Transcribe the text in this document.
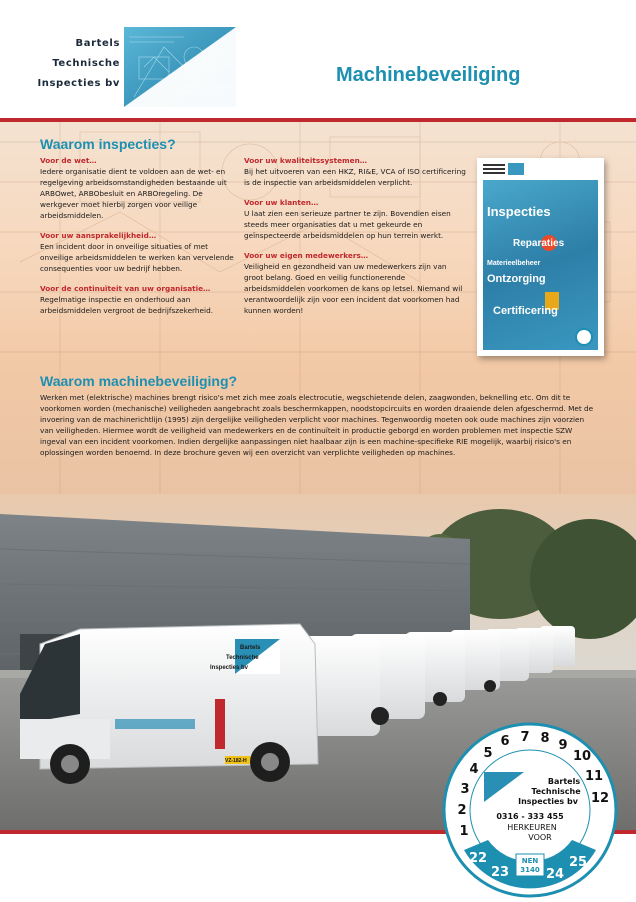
Bartels
Technische
Inspecties bv	Machinebeveiliging
Waarom inspecties?
Voor de wet…
Iedere organisatie dient te voldoen aan de wet- en regelgeving arbeidsomstandigheden bestaande uit ARBOwet, ARBObesluit en ARBOregeling. De werkgever moet hierbij zorgen voor veilige arbeidsmiddelen.
Voor uw aansprakelijkheid…
Een incident door in onveilige situaties of met onveilige arbeidsmiddelen te werken kan vervelende consequenties voor uw bedrijf hebben.
Voor de continuïteit van uw organisatie…
Regelmatige inspectie en onderhoud aan arbeidsmiddelen vergroot de bedrijfszekerheid.
Voor uw kwaliteitssystemen…
Bij het uitvoeren van een HKZ, RI&E, VCA of ISO certificering is de inspectie van arbeidsmiddelen verplicht.
Voor uw klanten…
U laat zien een serieuze partner te zijn. Bovendien eisen steeds meer organisaties dat u met gekeurde en geïnspecteerde arbeidsmiddelen op hun terrein werkt.
Voor uw eigen medewerkers…
Veiligheid en gezondheid van uw medewerkers zijn van groot belang. Goed en veilig functionerende arbeidsmiddelen voorkomen de kans op letsel. Niemand wil verantwoordelijk zijn voor een incident dat voorkomen had kunnen worden!
Inspecties
Reparaties
Materieelbeheer
Ontzorging
Certificering
Waarom machinebeveiliging?
Werken met (elektrische) machines brengt risico's met zich mee zoals electrocutie, wegschietende delen, zaagwonden, beknelling etc. Om dit te voorkomen worden (mechanische) veiligheden aangebracht zoals beschermkappen, noodstopcircuits en worden draaiende delen afgeschermd. Met de invoering van de machinerichtlijn (1995) zijn dergelijke veiligheden verplicht voor machines. Tegenwoordig moeten ook oude machines zijn voorzien van veiligheden. Hiermee wordt de veiligheid van medewerkers en de continuïteit in productie geborgd en worden problemen met inspectie SZW ingeval van een incident voorkomen. Indien dergelijke aanpassingen niet haalbaar zijn is een machine-specifieke RIE mogelijk, waarbij risico's en oplossingen worden benoemd. In deze brochure geven wij een overzicht van verplichte veiligheden op machines.
Bartels
Technische
Inspecties bv
VZ-182-H
Bartels
Technische
Inspecties bv
0316 - 333 455
HERKEUREN
VOOR
1
2
3
4
5
6 7 8 9
10
11
12
22
23	24
25
NEN
3140
